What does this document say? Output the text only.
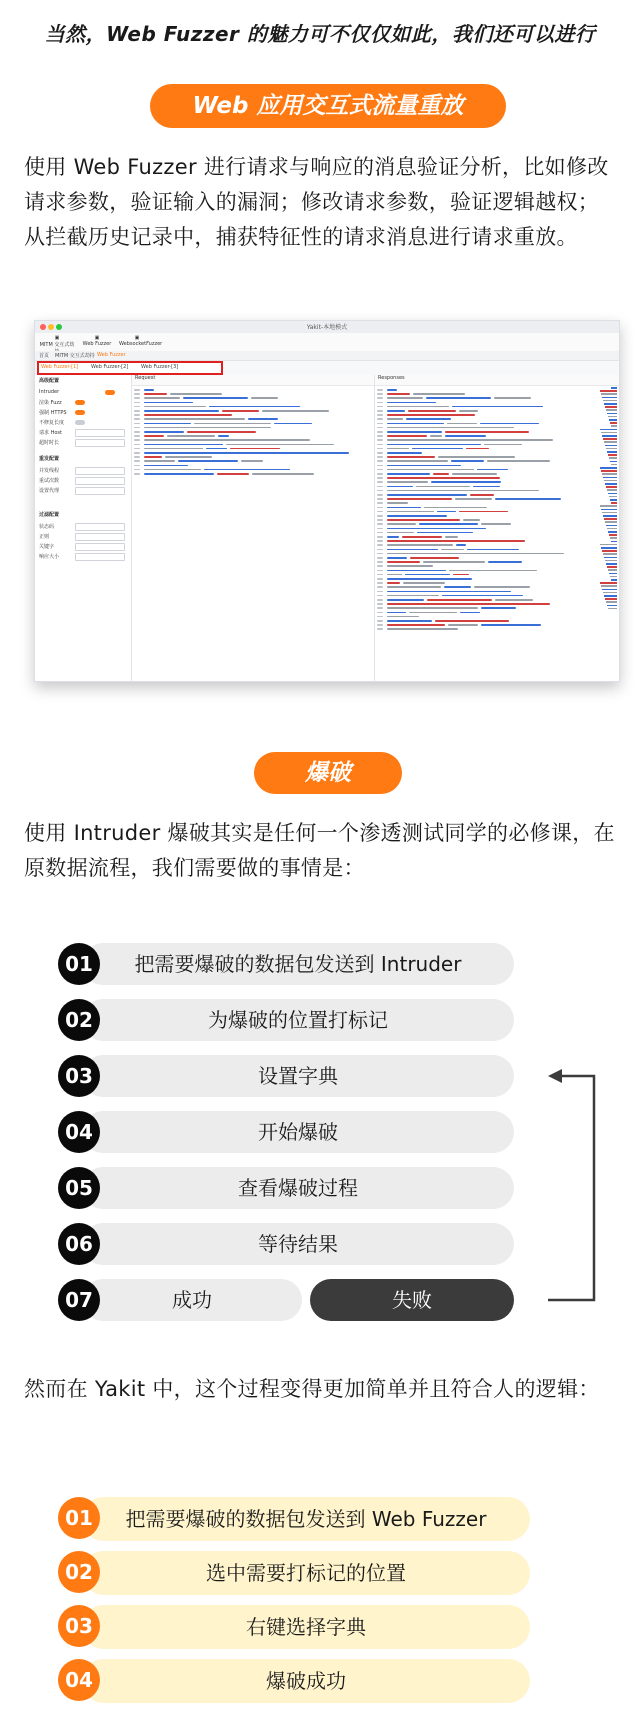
当然，Web Fuzzer 的魅力可不仅仅如此，我们还可以进行
Web 应用交互式流量重放
使用 Web Fuzzer 进行请求与响应的消息验证分析，比如修改请求参数，验证输入的漏洞；修改请求参数，验证逻辑越权；从拦截历史记录中，捕获特征性的请求消息进行请求重放。
Yakit-本地模式
▣
MITM 交互式劫
▣
Web Fuzzer
▣
WebsocketFuzzer
首页 MITM 交互式劫持 Web Fuzzer
Web Fuzzer-[1]	Web Fuzzer-[2]	Web Fuzzer-[3]
高级配置
Intruder
渲染 Fuzz
强制 HTTPS
不修复长度
请求 Host
超时时长
重发配置
并发线程
重试次数
设置代理
过滤配置
状态码
正则
关键字
响应大小
Request	Responses
爆破
使用 Intruder 爆破其实是任何一个渗透测试同学的必修课，在原数据流程，我们需要做的事情是：
把需要爆破的数据包发送到 Intruder
01
为爆破的位置打标记
02
设置字典
03
开始爆破
04
查看爆破过程
05
等待结果
06
成功	失败
07
然而在 Yakit 中，这个过程变得更加简单并且符合人的逻辑：
把需要爆破的数据包发送到 Web Fuzzer
01
选中需要打标记的位置
02
右键选择字典
03
爆破成功
04
